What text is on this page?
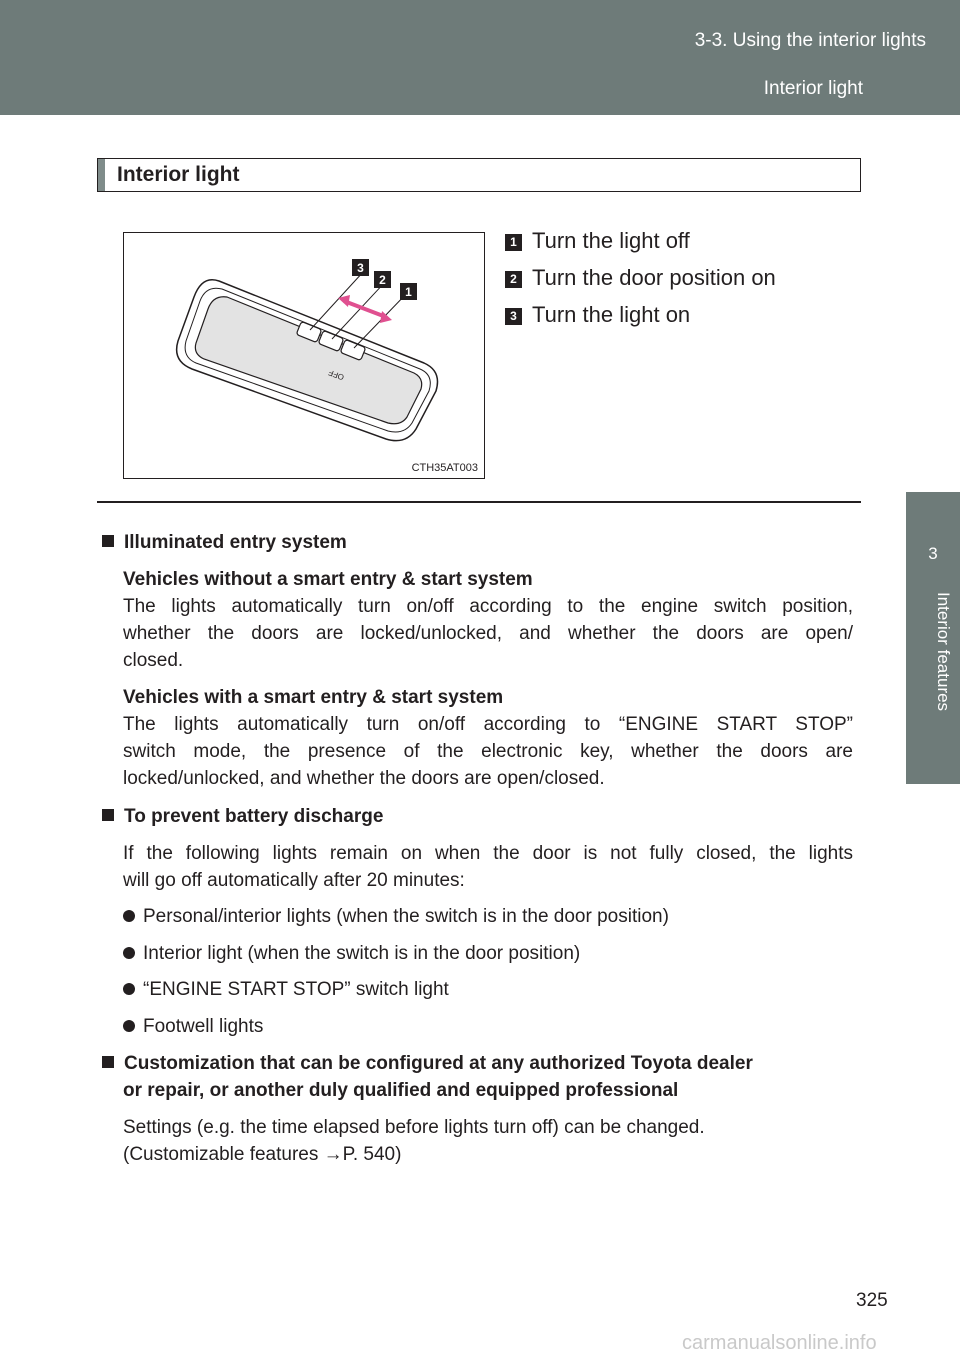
3-3. Using the interior lights
Interior light
3
Interior features
Interior light
OFF
3
2
1
CTH35AT003
1 Turn the light off
2 Turn the door position on
3 Turn the light on
Illuminated entry system
Vehicles without a smart entry & start system
The lights automatically turn on/off according to the engine switch position,
whether the doors are locked/unlocked, and whether the doors are open/
closed.
Vehicles with a smart entry & start system
The lights automatically turn on/off according to “ENGINE START STOP”
switch mode, the presence of the electronic key, whether the doors are
locked/unlocked, and whether the doors are open/closed.
To prevent battery discharge
If the following lights remain on when the door is not fully closed, the lights
will go off automatically after 20 minutes:
Personal/interior lights (when the switch is in the door position)
Interior light (when the switch is in the door position)
“ENGINE START STOP” switch light
Footwell lights
Customization that can be configured at any authorized Toyota dealer
or repair, or another duly qualified and equipped professional
Settings (e.g. the time elapsed before lights turn off) can be changed.
(Customizable features →P. 540)
325
carmanualsonline.info
